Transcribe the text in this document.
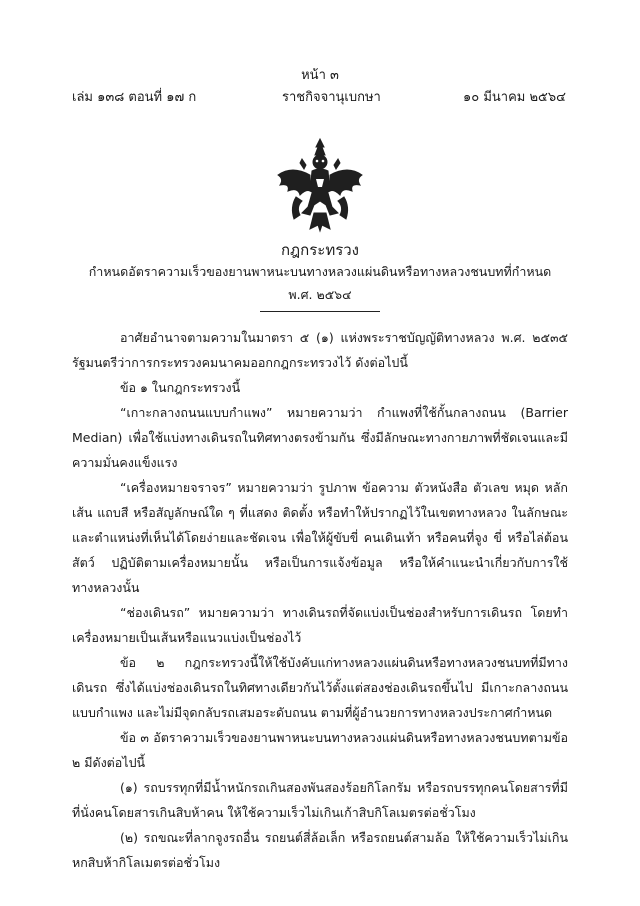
หน้า ๓
เล่ม ๑๓๘ ตอนที่ ๑๗ ก	ราชกิจจานุเบกษา	๑๐ มีนาคม ๒๕๖๔
กฎกระทรวง
กำหนดอัตราความเร็วของยานพาหนะบนทางหลวงแผ่นดินหรือทางหลวงชนบทที่กำหนด
พ.ศ. ๒๕๖๔

อาศัยอำนาจตามความในมาตรา ๕ (๑) แห่งพระราชบัญญัติทางหลวง พ.ศ. ๒๕๓๕ รัฐมนตรีว่าการกระทรวงคมนาคมออกกฎกระทรวงไว้ ดังต่อไปนี้

ข้อ ๑ ในกฎกระทรวงนี้

“เกาะกลางถนนแบบกำแพง” หมายความว่า กำแพงที่ใช้กั้นกลางถนน (Barrier Median) เพื่อใช้แบ่งทางเดินรถในทิศทางตรงข้ามกัน ซึ่งมีลักษณะทางกายภาพที่ชัดเจนและมีความมั่นคงแข็งแรง

“เครื่องหมายจราจร” หมายความว่า รูปภาพ ข้อความ ตัวหนังสือ ตัวเลข หมุด หลัก เส้น แถบสี หรือสัญลักษณ์ใด ๆ ที่แสดง ติดตั้ง หรือทำให้ปรากฏไว้ในเขตทางหลวง ในลักษณะและตำแหน่งที่เห็นได้โดยง่ายและชัดเจน เพื่อให้ผู้ขับขี่ คนเดินเท้า หรือคนที่จูง ขี่ หรือไล่ต้อนสัตว์ ปฏิบัติตามเครื่องหมายนั้น หรือเป็นการแจ้งข้อมูล หรือให้คำแนะนำเกี่ยวกับการใช้ทางหลวงนั้น

“ช่องเดินรถ” หมายความว่า ทางเดินรถที่จัดแบ่งเป็นช่องสำหรับการเดินรถ โดยทำเครื่องหมายเป็นเส้นหรือแนวแบ่งเป็นช่องไว้

ข้อ ๒ กฎกระทรวงนี้ให้ใช้บังคับแก่ทางหลวงแผ่นดินหรือทางหลวงชนบทที่มีทางเดินรถ ซึ่งได้แบ่งช่องเดินรถในทิศทางเดียวกันไว้ตั้งแต่สองช่องเดินรถขึ้นไป มีเกาะกลางถนนแบบกำแพง และไม่มีจุดกลับรถเสมอระดับถนน ตามที่ผู้อำนวยการทางหลวงประกาศกำหนด

ข้อ ๓ อัตราความเร็วของยานพาหนะบนทางหลวงแผ่นดินหรือทางหลวงชนบทตามข้อ ๒ มีดังต่อไปนี้

(๑) รถบรรทุกที่มีน้ำหนักรถเกินสองพันสองร้อยกิโลกรัม หรือรถบรรทุกคนโดยสารที่มีที่นั่งคนโดยสารเกินสิบห้าคน ให้ใช้ความเร็วไม่เกินเก้าสิบกิโลเมตรต่อชั่วโมง

(๒) รถขณะที่ลากจูงรถอื่น รถยนต์สี่ล้อเล็ก หรือรถยนต์สามล้อ ให้ใช้ความเร็วไม่เกินหกสิบห้ากิโลเมตรต่อชั่วโมง
